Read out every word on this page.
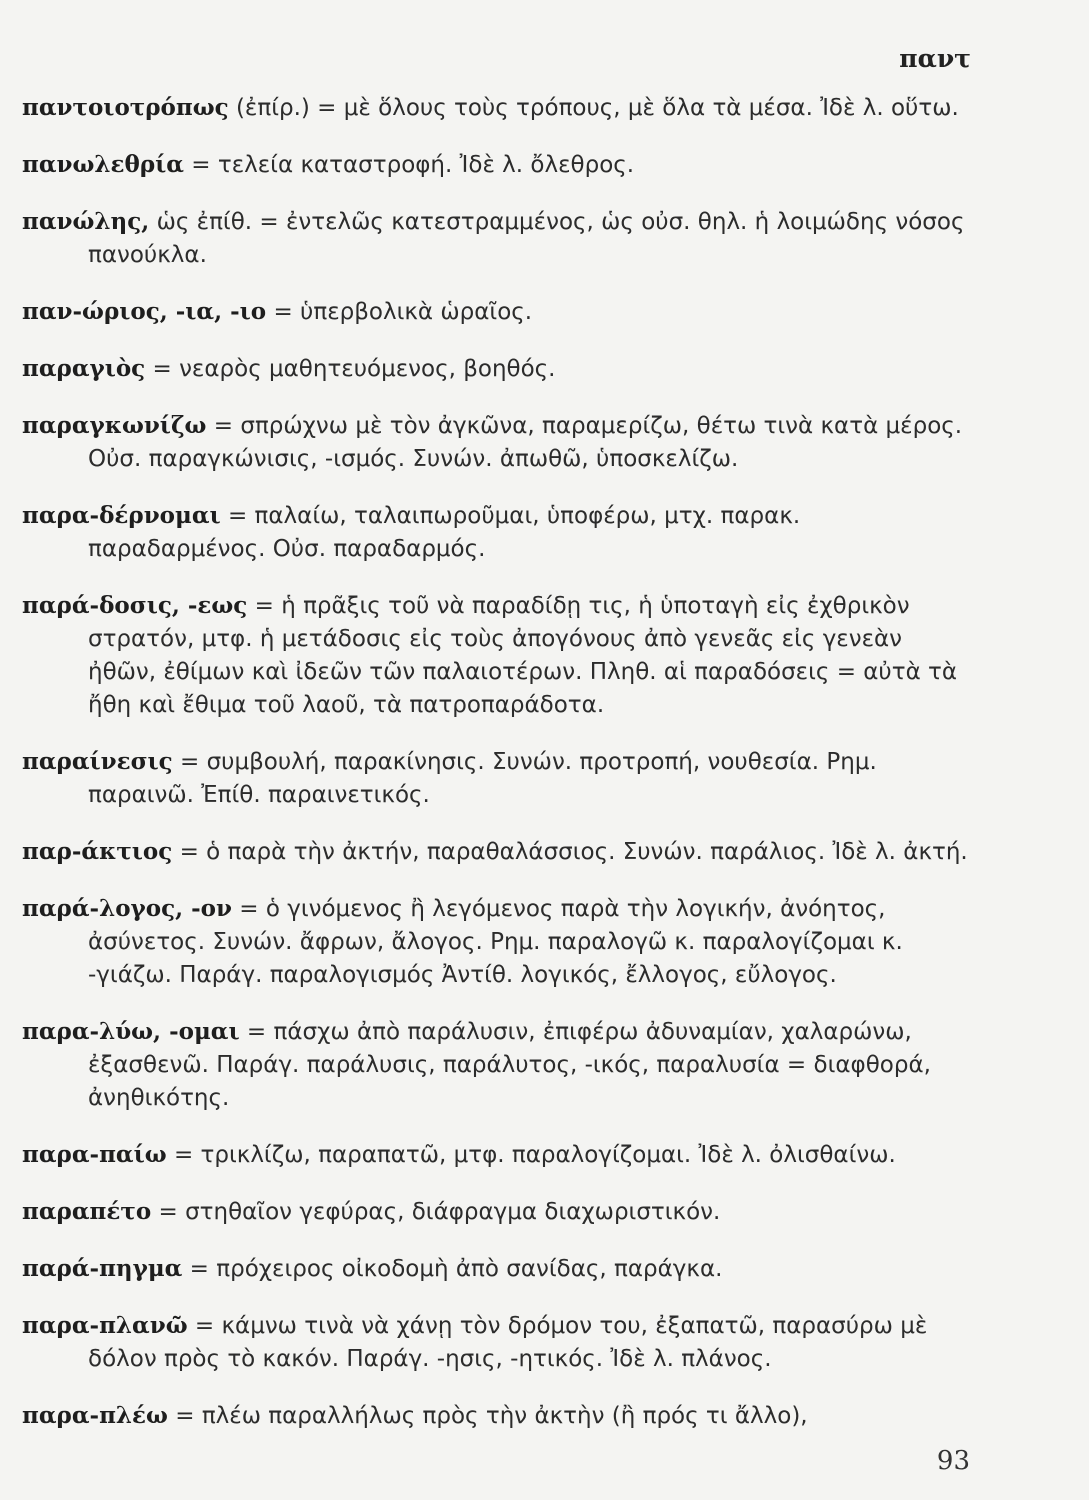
παντ

παντοιοτρόπως (ἐπίρ.) = μὲ ὅλους τοὺς τρόπους, μὲ ὅλα τὰ μέσα. Ἰδὲ λ. οὕτω.

πανωλεθρία = τελεία καταστροφή. Ἰδὲ λ. ὄλεθρος.

πανώλης, ὡς ἐπίθ. = ἐντελῶς κατεστραμμένος, ὡς οὐσ. θηλ. ἡ λοιμώδης νόσος πανούκλα.

παν-ώριος, -ια, -ιο = ὑπερβολικὰ ὡραῖος.

παραγιὸς = νεαρὸς μαθητευόμενος, βοηθός.

παραγκωνίζω = σπρώχνω μὲ τὸν ἀγκῶνα, παραμερίζω, θέτω τινὰ κατὰ μέρος. Οὐσ. παραγκώνισις, -ισμός. Συνών. ἀπωθῶ, ὑποσκελίζω.

παρα-δέρνομαι = παλαίω, ταλαιπωροῦμαι, ὑποφέρω, μτχ. παρακ. παραδαρμένος. Οὐσ. παραδαρμός.

παρά-δοσις, -εως = ἡ πρᾶξις τοῦ νὰ παραδίδῃ τις, ἡ ὑποταγὴ εἰς ἐχθρικὸν στρατόν, μτφ. ἡ μετάδοσις εἰς τοὺς ἀπογόνους ἀπὸ γενεᾶς εἰς γενεὰν ἠθῶν, ἐθίμων καὶ ἰδεῶν τῶν παλαιοτέρων. Πληθ. αἱ παραδόσεις = αὐτὰ τὰ ἤθη καὶ ἔθιμα τοῦ λαοῦ, τὰ πατροπαράδοτα.

παραίνεσις = συμβουλή, παρακίνησις. Συνών. προτροπή, νουθεσία. Ρημ. παραινῶ. Ἐπίθ. παραινετικός.

παρ-άκτιος = ὁ παρὰ τὴν ἀκτήν, παραθαλάσσιος. Συνών. παράλιος. Ἰδὲ λ. ἀκτή.

παρά-λογος, -ον = ὁ γινόμενος ἢ λεγόμενος παρὰ τὴν λογικήν, ἀνόητος, ἀσύνετος. Συνών. ἄφρων, ἄλογος. Ρημ. παραλογῶ κ. παραλογίζομαι κ. -γιάζω. Παράγ. παραλογισμός Ἀντίθ. λογικός, ἔλλογος, εὔλογος.

παρα-λύω, -ομαι = πάσχω ἀπὸ παράλυσιν, ἐπιφέρω ἀδυναμίαν, χαλαρώνω, ἐξασθενῶ. Παράγ. παράλυσις, παράλυτος, -ικός, παραλυσία = διαφθορά, ἀνηθικότης.

παρα-παίω = τρικλίζω, παραπατῶ, μτφ. παραλογίζομαι. Ἰδὲ λ. ὀλισθαίνω.

παραπέτο = στηθαῖον γεφύρας, διάφραγμα διαχωριστικόν.

παρά-πηγμα = πρόχειρος οἰκοδομὴ ἀπὸ σανίδας, παράγκα.

παρα-πλανῶ = κάμνω τινὰ νὰ χάνῃ τὸν δρόμον του, ἐξαπατῶ, παρασύρω μὲ δόλον πρὸς τὸ κακόν. Παράγ. -ησις, -ητικός. Ἰδὲ λ. πλάνος.

παρα-πλέω = πλέω παραλλήλως πρὸς τὴν ἀκτὴν (ἢ πρός τι ἄλλο),

93
